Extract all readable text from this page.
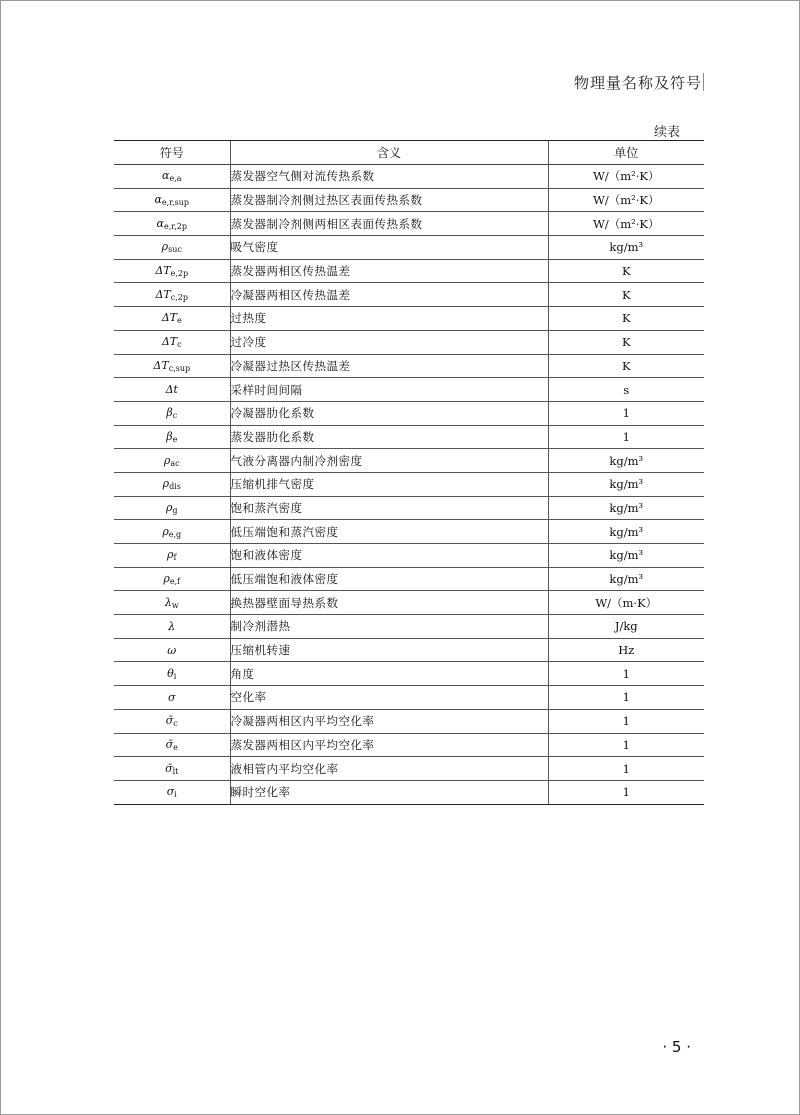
物理量名称及符号
续表
符号	含义	单位
$\alpha_{e,a}$	蒸发器空气侧对流传热系数	W/（m²·K）
$\alpha_{e,r,sup}$	蒸发器制冷剂侧过热区表面传热系数	W/（m²·K）
$\alpha_{e,r,2p}$	蒸发器制冷剂侧两相区表面传热系数	W/（m²·K）
$\rho_{suc}$	吸气密度	kg/m³
$\Delta T_{e,2p}$	蒸发器两相区传热温差	K
$\Delta T_{c,2p}$	冷凝器两相区传热温差	K
$\Delta T_e$	过热度	K
$\Delta T_c$	过冷度	K
$\Delta T_{c,sup}$	冷凝器过热区传热温差	K
Δt	采样时间间隔	s
$\beta_c$	冷凝器肋化系数	1
$\beta_e$	蒸发器肋化系数	1
$\rho_{ac}$	气液分离器内制冷剂密度	kg/m³
$\rho_{dis}$	压缩机排气密度	kg/m³
$\rho_g$	饱和蒸汽密度	kg/m³
$\rho_{e,g}$	低压端饱和蒸汽密度	kg/m³
$\rho_f$	饱和液体密度	kg/m³
$\rho_{e,f}$	低压端饱和液体密度	kg/m³
$\lambda_w$	换热器壁面导热系数	W/（m·K）
λ	制冷剂潜热	J/kg
ω	压缩机转速	Hz
$\theta_i$	角度	1
σ	空化率	1
$\sigmā_c$	冷凝器两相区内平均空化率	1
$\sigmā_e$	蒸发器两相区内平均空化率	1
$\sigmā_{lt}$	液相管内平均空化率	1
$\sigma_i$	瞬时空化率	1
· 5 ·
